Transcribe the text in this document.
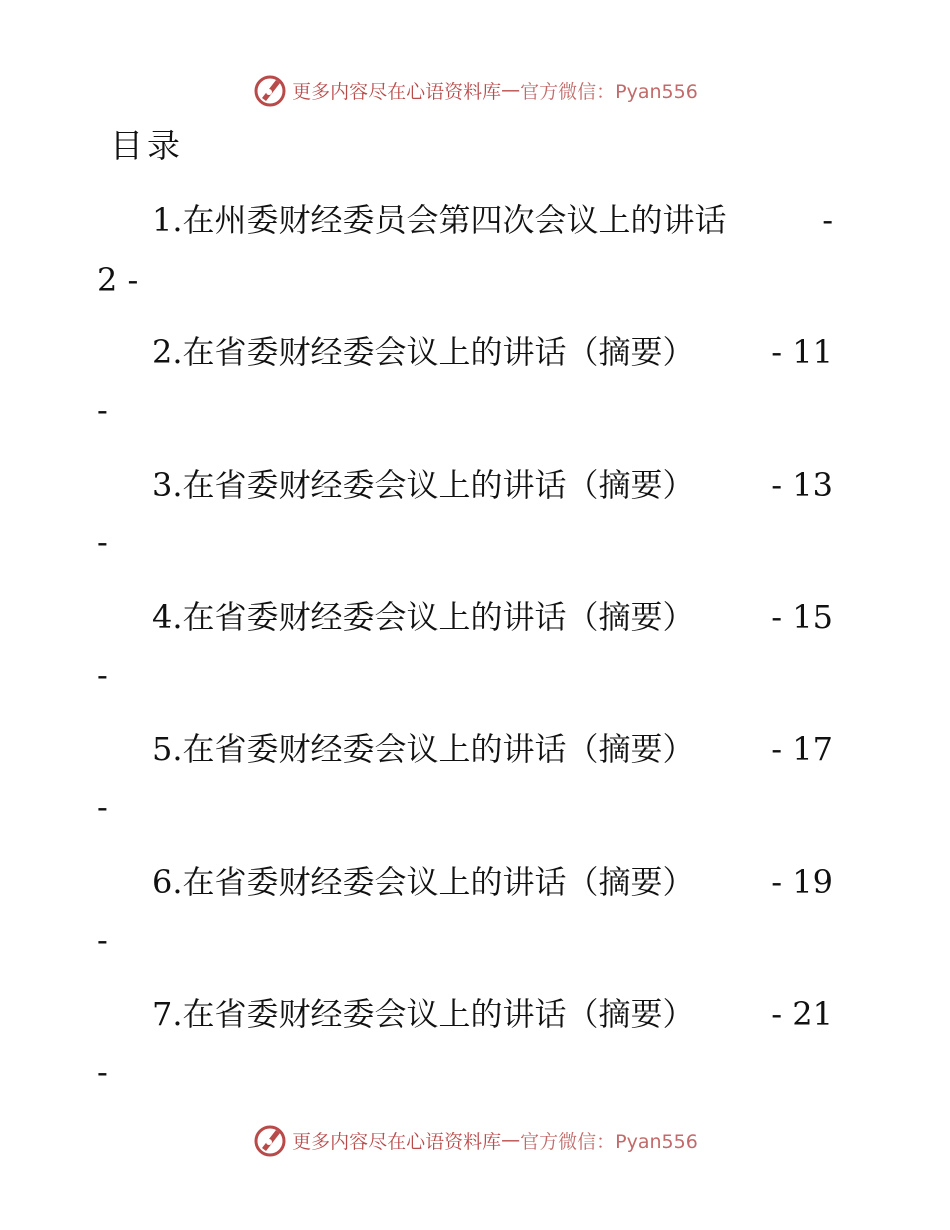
更多内容尽在心语资料库 — 官方微信：Pyan556
目录
1.在州委财经委员会第四次会议上的讲话	-
2 -
2.在省委财经委会议上的讲话（摘要） - 11
-
3.在省委财经委会议上的讲话（摘要） - 13
-
4.在省委财经委会议上的讲话（摘要） - 15
-
5.在省委财经委会议上的讲话（摘要） - 17
-
6.在省委财经委会议上的讲话（摘要） - 19
-
7.在省委财经委会议上的讲话（摘要） - 21
-
更多内容尽在心语资料库 — 官方微信：Pyan556
